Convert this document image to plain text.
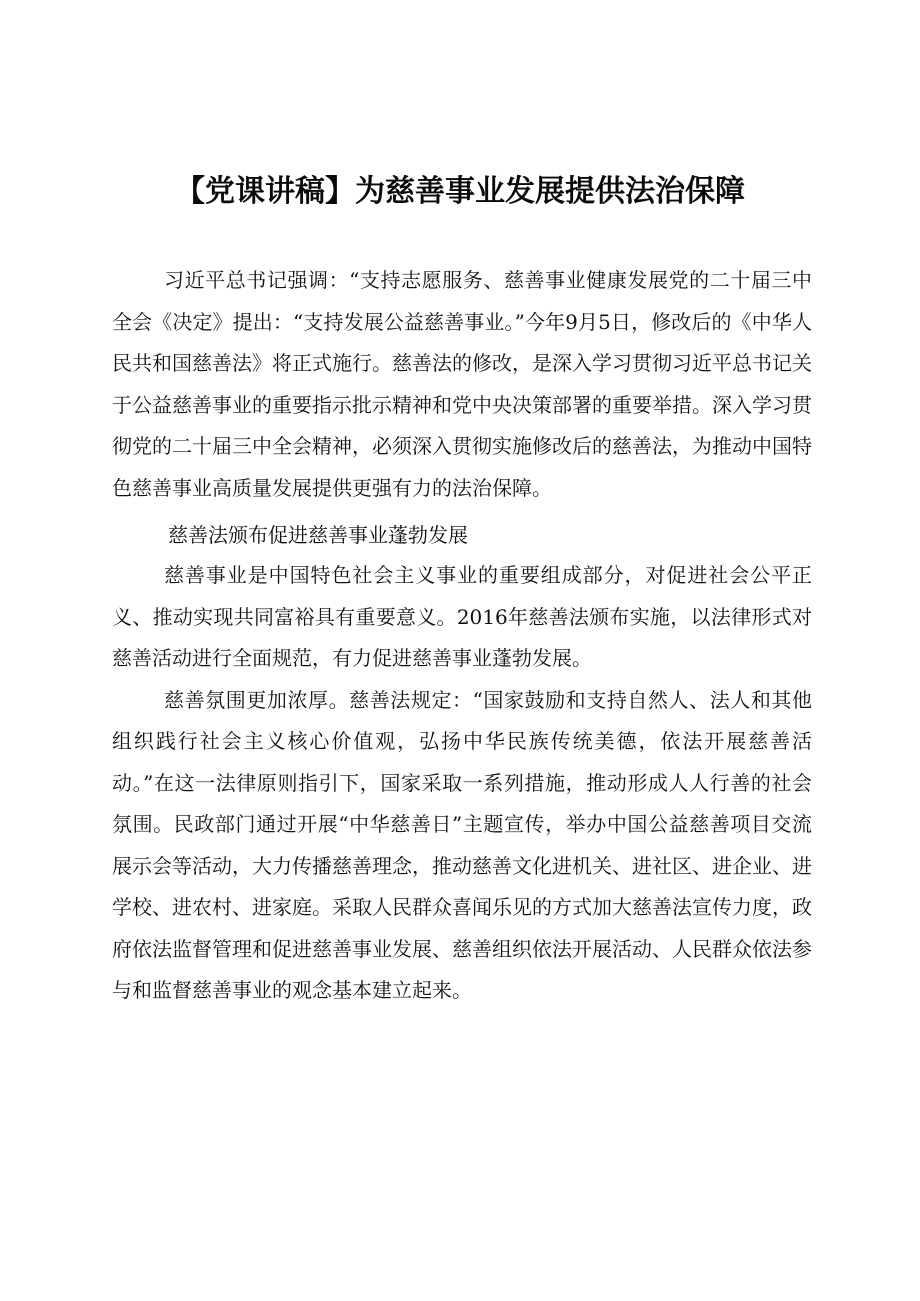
【党课讲稿】为慈善事业发展提供法治保障

习近平总书记强调：“支持志愿服务、慈善事业健康发展党的二十届三中全会《决定》提出：“支持发展公益慈善事业。”今年9月5日，修改后的《中华人民共和国慈善法》将正式施行。慈善法的修改，是深入学习贯彻习近平总书记关于公益慈善事业的重要指示批示精神和党中央决策部署的重要举措。深入学习贯彻党的二十届三中全会精神，必须深入贯彻实施修改后的慈善法，为推动中国特色慈善事业高质量发展提供更强有力的法治保障。

慈善法颁布促进慈善事业蓬勃发展

慈善事业是中国特色社会主义事业的重要组成部分，对促进社会公平正义、推动实现共同富裕具有重要意义。2016年慈善法颁布实施，以法律形式对慈善活动进行全面规范，有力促进慈善事业蓬勃发展。

慈善氛围更加浓厚。慈善法规定：“国家鼓励和支持自然人、法人和其他组织践行社会主义核心价值观，弘扬中华民族传统美德，依法开展慈善活动。”在这一法律原则指引下，国家采取一系列措施，推动形成人人行善的社会氛围。民政部门通过开展“中华慈善日”主题宣传，举办中国公益慈善项目交流展示会等活动，大力传播慈善理念，推动慈善文化进机关、进社区、进企业、进学校、进农村、进家庭。采取人民群众喜闻乐见的方式加大慈善法宣传力度，政府依法监督管理和促进慈善事业发展、慈善组织依法开展活动、人民群众依法参与和监督慈善事业的观念基本建立起来。
